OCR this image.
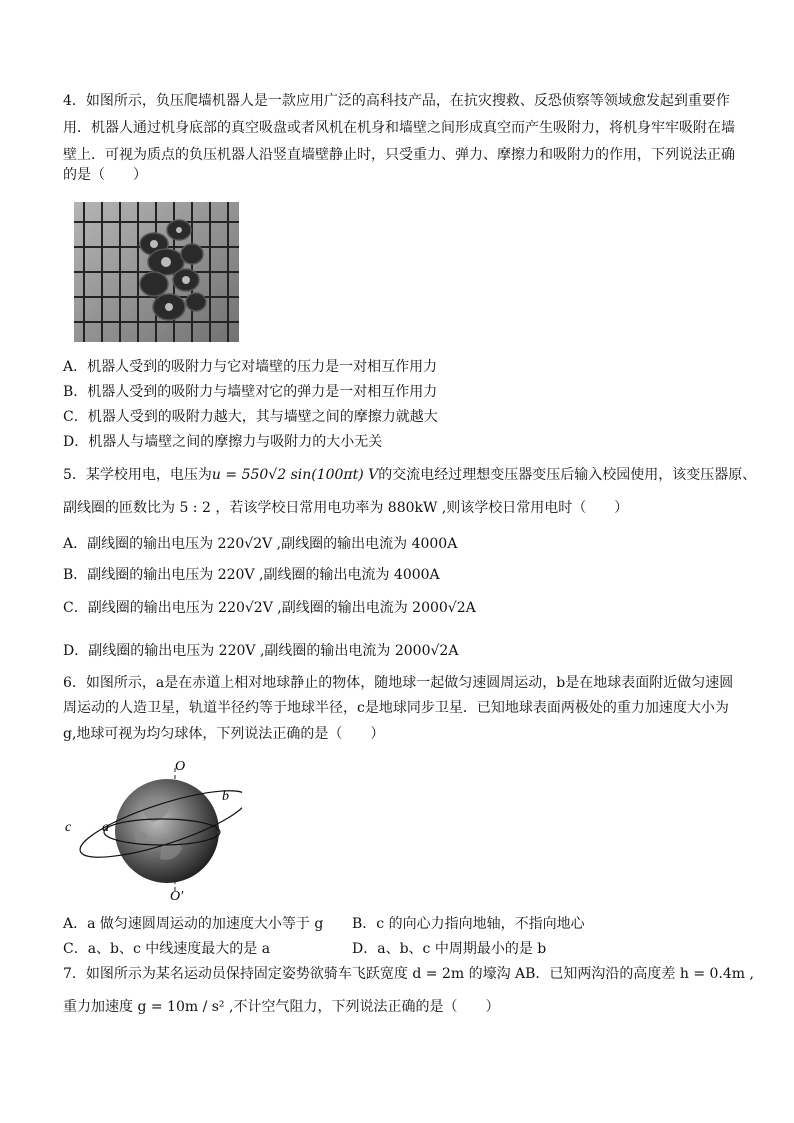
4．如图所示，负压爬墙机器人是一款应用广泛的高科技产品，在抗灾搜救、反恐侦察等领域愈发起到重要作
用．机器人通过机身底部的真空吸盘或者风机在机身和墙壁之间形成真空而产生吸附力，将机身牢牢吸附在墙
壁上．可视为质点的负压机器人沿竖直墙壁静止时，只受重力、弹力、摩擦力和吸附力的作用，下列说法正确
的是（　　）
A．机器人受到的吸附力与它对墙壁的压力是一对相互作用力
B．机器人受到的吸附力与墙壁对它的弹力是一对相互作用力
C．机器人受到的吸附力越大，其与墙壁之间的摩擦力就越大
D．机器人与墙壁之间的摩擦力与吸附力的大小无关
5．某学校用电，电压为u = 550√2 sin(100πt) V的交流电经过理想变压器变压后输入校园使用，该变压器原、
副线圈的匝数比为 5 : 2 ，若该学校日常用电功率为 880kW ,则该学校日常用电时（　　）
A．副线圈的输出电压为 220√2V ,副线圈的输出电流为 4000A
B．副线圈的输出电压为 220V ,副线圈的输出电流为 4000A
C．副线圈的输出电压为 220√2V ,副线圈的输出电流为 2000√2A
D．副线圈的输出电压为 220V ,副线圈的输出电流为 2000√2A
6．如图所示，a是在赤道上相对地球静止的物体，随地球一起做匀速圆周运动，b是在地球表面附近做匀速圆
周运动的人造卫星，轨道半径约等于地球半径，c是地球同步卫星．已知地球表面两极处的重力加速度大小为
g,地球可视为均匀球体，下列说法正确的是（　　）
O
O′
a
b
c
A．a 做匀速圆周运动的加速度大小等于 g B．c 的向心力指向地轴，不指向地心
C．a、b、c 中线速度最大的是 a	D．a、b、c 中周期最小的是 b
7．如图所示为某名运动员保持固定姿势欲骑车飞跃宽度 d = 2m 的壕沟 AB．已知两沟沿的高度差 h = 0.4m ,
重力加速度 g = 10m / s² ,不计空气阻力，下列说法正确的是（　　）
